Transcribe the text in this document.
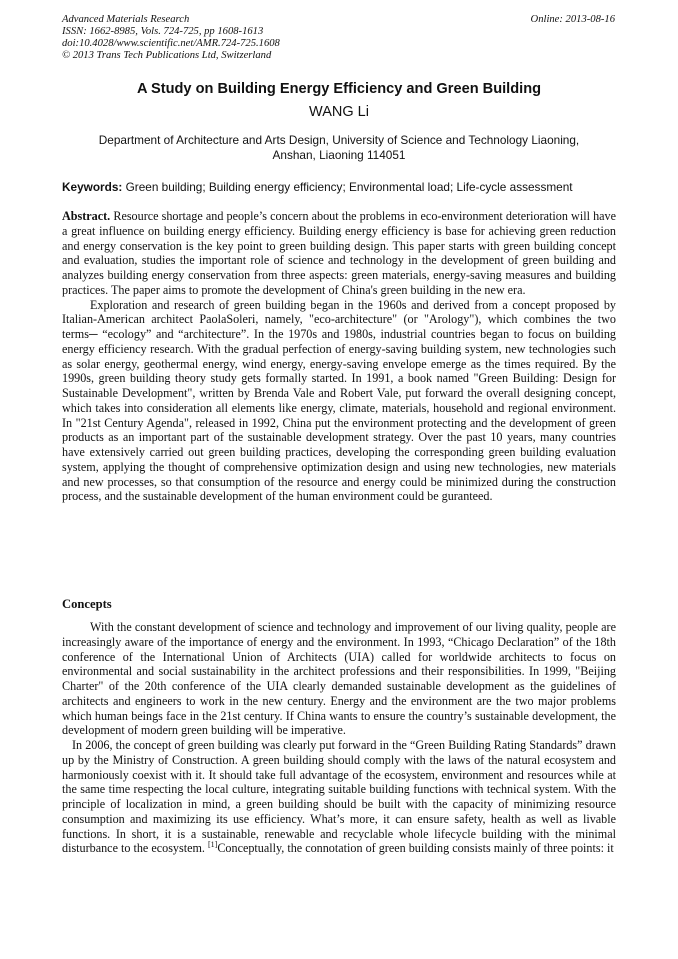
Advanced Materials Research
ISSN: 1662-8985, Vols. 724-725, pp 1608-1613
doi:10.4028/www.scientific.net/AMR.724-725.1608
© 2013 Trans Tech Publications Ltd, Switzerland
Online: 2013-08-16
A Study on Building Energy Efficiency and Green Building
WANG Li
Department of Architecture and Arts Design, University of Science and Technology Liaoning,
Anshan, Liaoning 114051
Keywords: Green building; Building energy efficiency; Environmental load; Life-cycle assessment

Abstract. Resource shortage and people’s concern about the problems in eco-environment deterioration will have a great influence on building energy efficiency. Building energy efficiency is base for achieving green reduction and energy conservation is the key point to green building design. This paper starts with green building concept and evaluation, studies the important role of science and technology in the development of green building and analyzes building energy conservation from three aspects: green materials, energy-saving measures and building practices. The paper aims to promote the development of China's green building in the new era.

Exploration and research of green building began in the 1960s and derived from a concept proposed by Italian-American architect PaolaSoleri, namely, "eco-architecture" (or "Arology"), which combines the two terms─ “ecology” and “architecture”. In the 1970s and 1980s, industrial countries began to focus on building energy efficiency research. With the gradual perfection of energy-saving building system, new technologies such as solar energy, geothermal energy, wind energy, energy-saving envelope emerge as the times required. By the 1990s, green building theory study gets formally started. In 1991, a book named "Green Building: Design for Sustainable Development", written by Brenda Vale and Robert Vale, put forward the overall designing concept, which takes into consideration all elements like energy, climate, materials, household and regional environment. In "21st Century Agenda", released in 1992, China put the environment protecting and the development of green products as an important part of the sustainable development strategy. Over the past 10 years, many countries have extensively carried out green building practices, developing the corresponding green building evaluation system, applying the thought of comprehensive optimization design and using new technologies, new materials and new processes, so that consumption of the resource and energy could be minimized during the construction process, and the sustainable development of the human environment could be guranteed.

Concepts

With the constant development of science and technology and improvement of our living quality, people are increasingly aware of the importance of energy and the environment. In 1993, “Chicago Declaration” of the 18th conference of the International Union of Architects (UIA) called for worldwide architects to focus on environmental and social sustainability in the architect professions and their responsibilities. In 1999, "Beijing Charter" of the 20th conference of the UIA clearly demanded sustainable development as the guidelines of architects and engineers to work in the new century. Energy and the environment are the two major problems which human beings face in the 21st century. If China wants to ensure the country’s sustainable development, the development of modern green building will be imperative.

In 2006, the concept of green building was clearly put forward in the “Green Building Rating Standards” drawn up by the Ministry of Construction. A green building should comply with the laws of the natural ecosystem and harmoniously coexist with it. It should take full advantage of the ecosystem, environment and resources while at the same time respecting the local culture, integrating suitable building functions with technical system. With the principle of localization in mind, a green building should be built with the capacity of minimizing resource consumption and maximizing its use efficiency. What’s more, it can ensure safety, health as well as livable functions. In short, it is a sustainable, renewable and recyclable whole lifecycle building with the minimal disturbance to the ecosystem. [1]Conceptually, the connotation of green building consists mainly of three points: it
